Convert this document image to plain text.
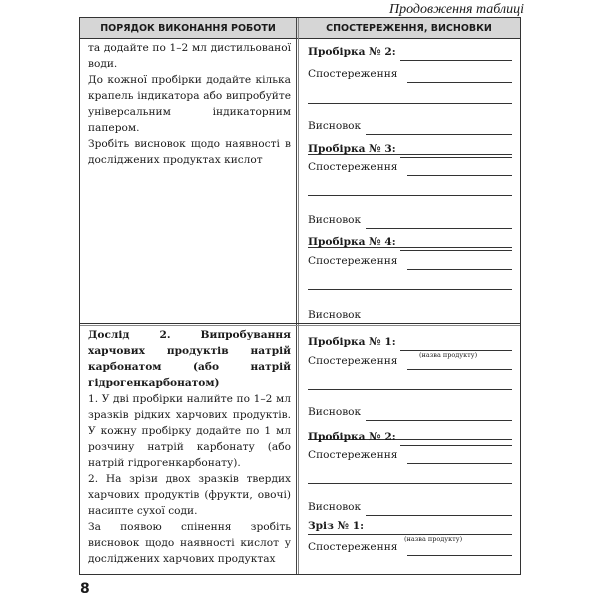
Продовження таблиці
ПОРЯДОК ВИКОНАННЯ РОБОТИ	СПОСТЕРЕЖЕННЯ, ВИСНОВКИ

та додайте по 1–2 мл дистильованої води.

До кожної пробірки додайте кілька крапель індикатора або випробуйте універсальним індикаторним папером.

Зробіть висновок щодо наявності в досліджених продуктах кислот

Дослід 2. Випробування харчових продуктів натрій карбонатом (або натрій гідрогенкарбонатом)

1. У дві пробірки налийте по 1–2 мл зразків рідких харчових продуктів. У кожну пробірку додайте по 1 мл розчину натрій карбонату (або натрій гідрогенкарбонату).

2. На зрізи двох зразків твердих харчових продуктів (фрукти, овочі) насипте сухої соди.

За появою спінення зробіть висновок щодо наявності кислот у досліджених харчових продуктах

Пробірка № 2:
Спостереження
Висновок
Пробірка № 3:
Спостереження
Висновок
Пробірка № 4:
Спостереження
Висновок
Пробірка № 1:
(назва продукту)
Спостереження
Висновок
Пробірка № 2:
Спостереження
Висновок
Зріз № 1:
(назва продукту)
Спостереження
8
